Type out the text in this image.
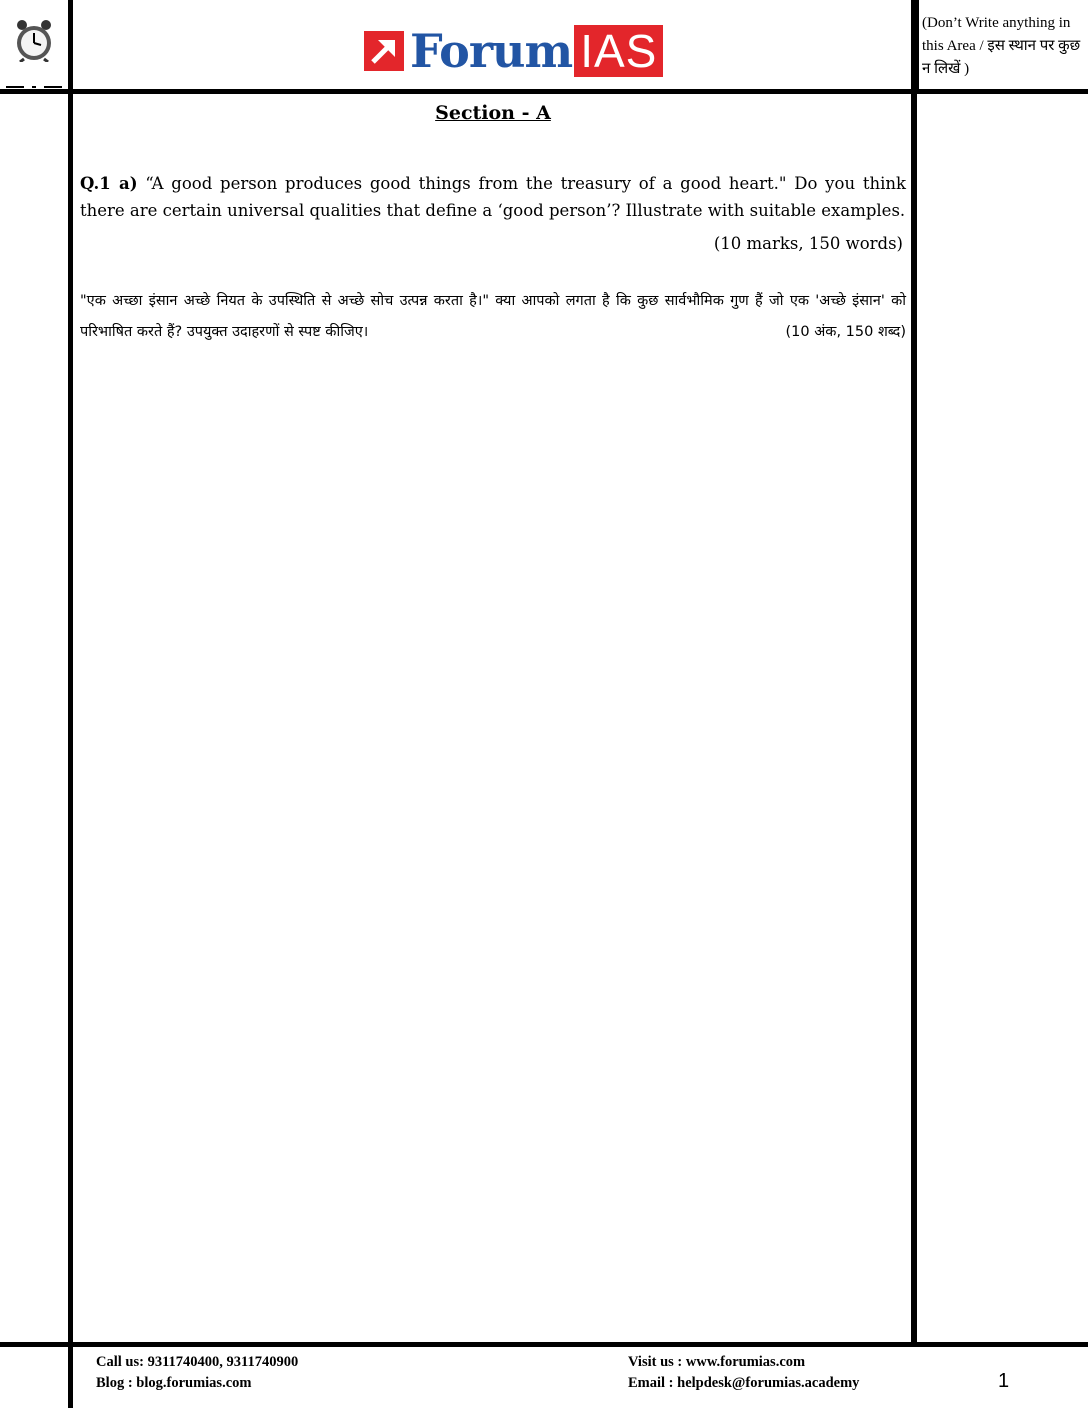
Forum IAS
(Don’t Write anything in this Area / इस स्थान पर कुछ न लिखें )
Section - A
Q.1 a) “A good person produces good things from the treasury of a good heart." Do you think there are certain universal qualities that define a ‘good person’? Illustrate with suitable examples.
(10 marks, 150 words)
"एक अच्छा इंसान अच्छे नियत के उपस्थिति से अच्छे सोच उत्पन्न करता है।" क्या आपको लगता है कि कुछ सार्वभौमिक गुण हैं जो एक 'अच्छे इंसान' को परिभाषित करते हैं? उपयुक्त उदाहरणों से स्पष्ट कीजिए।	(10 अंक, 150 शब्द)
Call us: 9311740400, 9311740900
Blog : blog.forumias.com
Visit us : www.forumias.com
Email : helpdesk@forumias.academy	1
